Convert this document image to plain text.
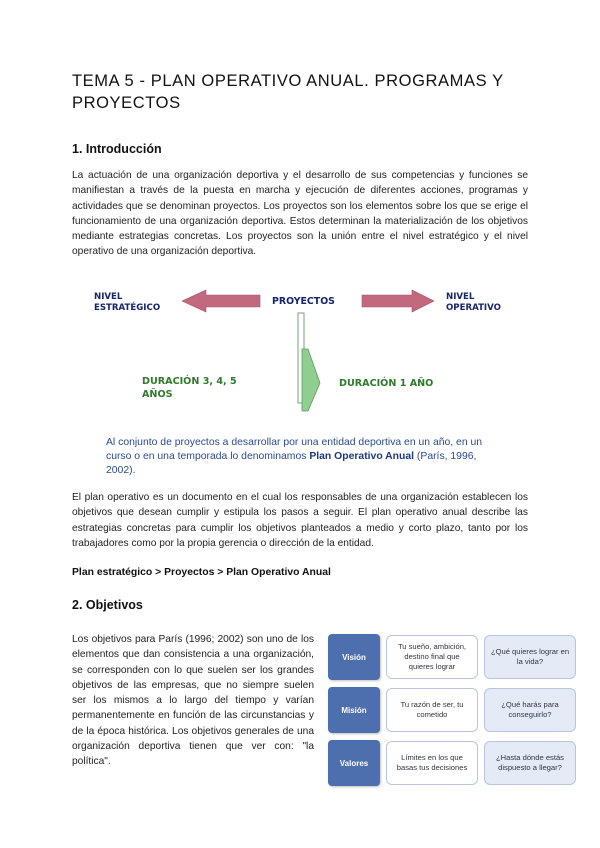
TEMA 5 - PLAN OPERATIVO ANUAL. PROGRAMAS Y PROYECTOS
1. Introducción
La actuación de una organización deportiva y el desarrollo de sus competencias y funciones se manifiestan a través de la puesta en marcha y ejecución de diferentes acciones, programas y actividades que se denominan proyectos. Los proyectos son los elementos sobre los que se erige el funcionamiento de una organización deportiva. Estos determinan la materialización de los objetivos mediante estrategias concretas. Los proyectos son la unión entre el nivel estratégico y el nivel operativo de una organización deportiva.
NIVEL ESTRATÉGICO
PROYECTOS	NIVEL OPERATIVO
DURACIÓN 3, 4, 5 AÑOS
DURACIÓN 1 AÑO
Al conjunto de proyectos a desarrollar por una entidad deportiva en un año, en un curso o en una temporada lo denominamos Plan Operativo Anual (París, 1996, 2002).
El plan operativo es un documento en el cual los responsables de una organización establecen los objetivos que desean cumplir y estipula los pasos a seguir. El plan operativo anual describe las estrategias concretas para cumplir los objetivos planteados a medio y corto plazo, tanto por los trabajadores como por la propia gerencia o dirección de la entidad.
Plan estratégico > Proyectos > Plan Operativo Anual
2. Objetivos
Los objetivos para París (1996; 2002) son uno de los elementos que dan consistencia a una organización, se corresponden con lo que suelen ser los grandes objetivos de las empresas, que no siempre suelen ser los mismos a lo largo del tiempo y varían permanentemente en función de las circunstancias y de la época histórica. Los objetivos generales de una organización deportiva tienen que ver con: "la política".
Visión
Tu sueño, ambición, destino final que quieres lograr
¿Qué quieres lograr en la vida?
Misión
Tu razón de ser, tu cometido
¿Qué harás para conseguirlo?
Valores
Límites en los que basas tus decisiones
¿Hasta dónde estás dispuesto a llegar?
